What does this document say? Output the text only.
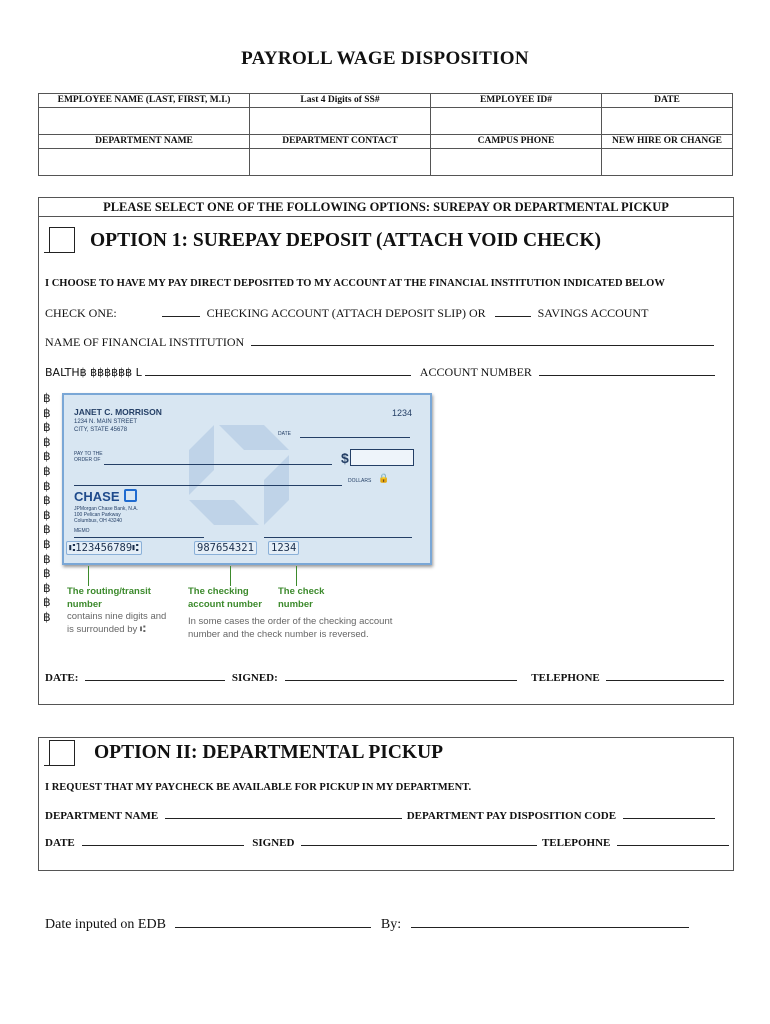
PAYROLL WAGE DISPOSITION
EMPLOYEE NAME (LAST, FIRST, M.I.)	Last 4 Digits of SS#	EMPLOYEE ID#	DATE

DEPARTMENT NAME	DEPARTMENT CONTACT	CAMPUS PHONE	NEW HIRE OR CHANGE

PLEASE SELECT ONE OF THE FOLLOWING OPTIONS: SUREPAY OR DEPARTMENTAL PICKUP
OPTION 1: SUREPAY DEPOSIT (ATTACH VOID CHECK)
I CHOOSE TO HAVE MY PAY DIRECT DEPOSITED TO MY ACCOUNT AT THE FINANCIAL INSTITUTION INDICATED BELOW
CHECK ONE:	CHECKING ACCOUNT (ATTACH DEPOSIT SLIP) OR	SAVINGS ACCOUNT
NAME OF FINANCIAL INSTITUTION
BALTH฿ ฿฿฿฿฿฿ L	ACCOUNT NUMBER
฿
฿
฿
฿
฿
฿
฿
฿
฿
฿
฿
฿
฿
฿
฿
฿
JANET C. MORRISON
1234 N. MAIN STREET
CITY, STATE 45678
1234
DATE
PAY TO THE
ORDER OF	$
DOLLARS 🔒
CHASE
JPMorgan Chase Bank, N.A.
100 Pelican Parkway
Columbus, OH 43240
MEMO
⑆123456789⑆	987654321 1234
The routing/transit
number
contains nine digits and
is surrounded by ⑆
The checking
account number
The check
number
In some cases the order of the checking account
number and the check number is reversed.
DATE:	SIGNED:	TELEPHONE
OPTION II: DEPARTMENTAL PICKUP
I REQUEST THAT MY PAYCHECK BE AVAILABLE FOR PICKUP IN MY DEPARTMENT.
DEPARTMENT NAME	DEPARTMENT PAY DISPOSITION CODE
DATE	SIGNED	TELEPOHNE
Date inputed on EDB	By:
